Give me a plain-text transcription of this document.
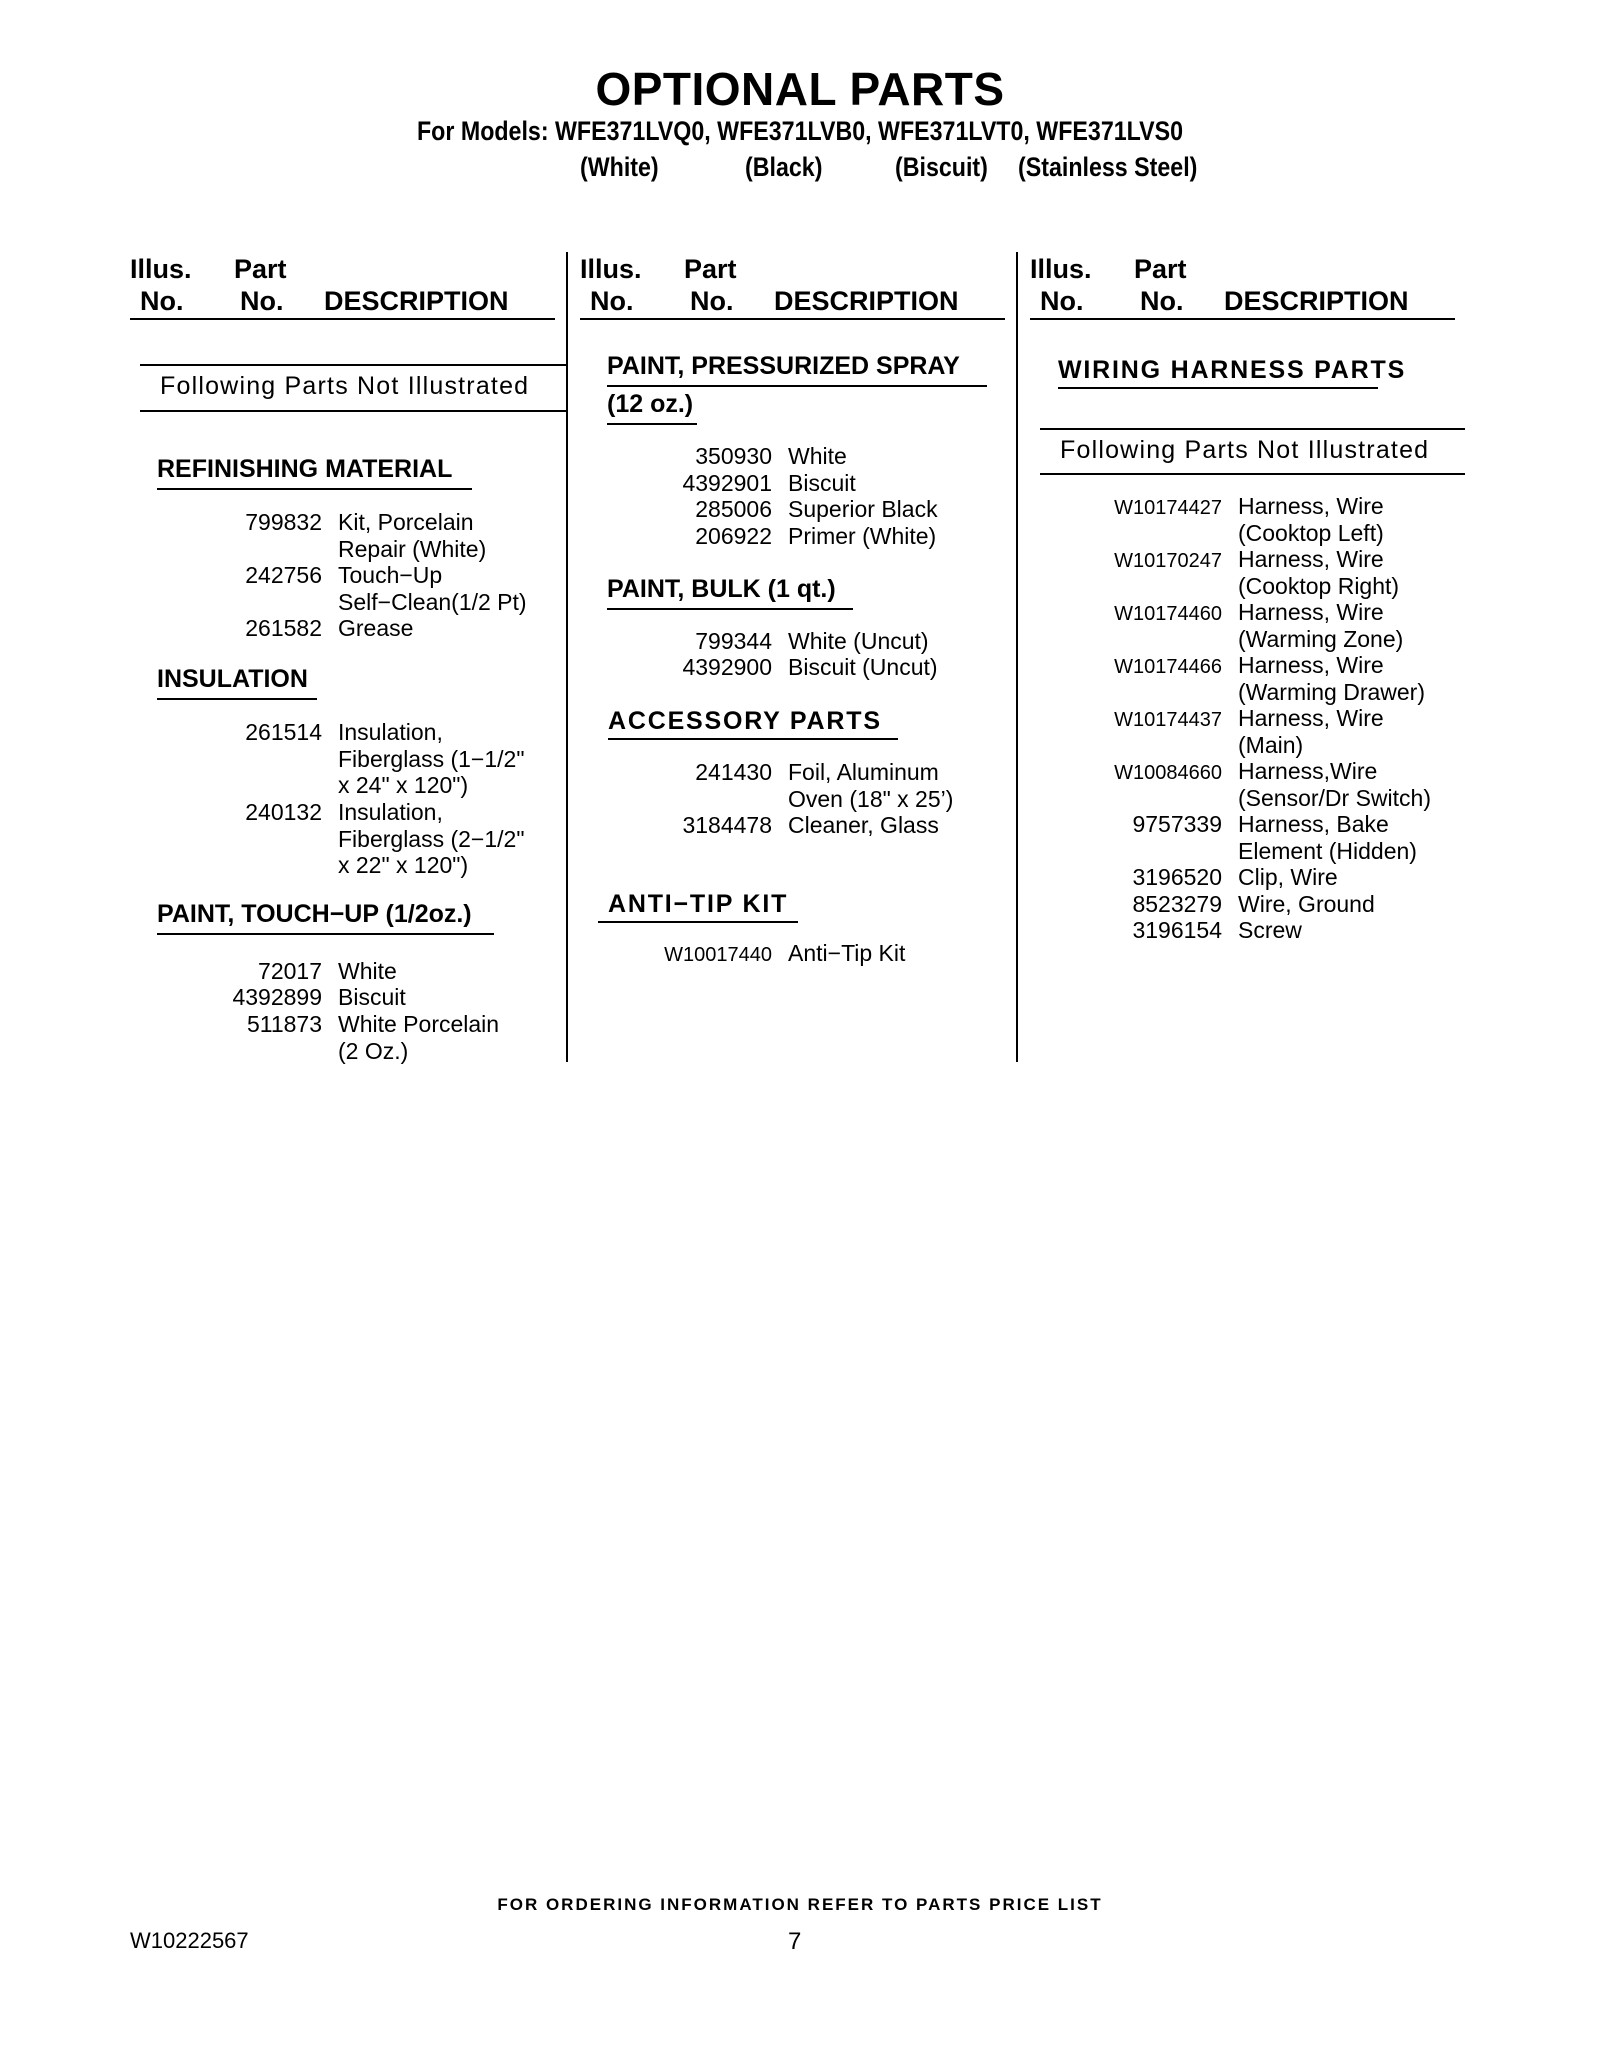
OPTIONAL PARTS
For Models: WFE371LVQ0, WFE371LVB0, WFE371LVT0, WFE371LVS0
(White)	(Black)	(Biscuit) (Stainless Steel)
Illus. Part
No. No. DESCRIPTION
Illus. Part
No. No. DESCRIPTION
Illus. Part
No. No. DESCRIPTION
Following Parts Not Illustrated
REFINISHING MATERIAL
799832 Kit, Porcelain
Repair (White)
242756 Touch−Up
Self−Clean(1/2 Pt)
261582 Grease
INSULATION
261514 Insulation,
Fiberglass (1−1/2"
x 24" x 120")
240132 Insulation,
Fiberglass (2−1/2"
x 22" x 120")
PAINT, TOUCH−UP (1/2oz.)
72017 White
4392899 Biscuit
511873 White Porcelain
(2 Oz.)
PAINT, PRESSURIZED SPRAY
(12 oz.)
350930 White
4392901 Biscuit
285006 Superior Black
206922 Primer (White)
PAINT, BULK (1 qt.)
799344 White (Uncut)
4392900 Biscuit (Uncut)
ACCESSORY PARTS
241430 Foil, Aluminum
Oven (18" x 25’)
3184478 Cleaner, Glass
ANTI−TIP KIT
W10017440 Anti−Tip Kit
WIRING HARNESS PARTS
Following Parts Not Illustrated
W10174427 Harness, Wire
(Cooktop Left)
W10170247 Harness, Wire
(Cooktop Right)
W10174460 Harness, Wire
(Warming Zone)
W10174466 Harness, Wire
(Warming Drawer)
W10174437 Harness, Wire
(Main)
W10084660 Harness,Wire
(Sensor/Dr Switch)
9757339 Harness, Bake
Element (Hidden)
3196520 Clip, Wire
8523279 Wire, Ground
3196154 Screw
FOR ORDERING INFORMATION REFER TO PARTS PRICE LIST
W10222567	7
